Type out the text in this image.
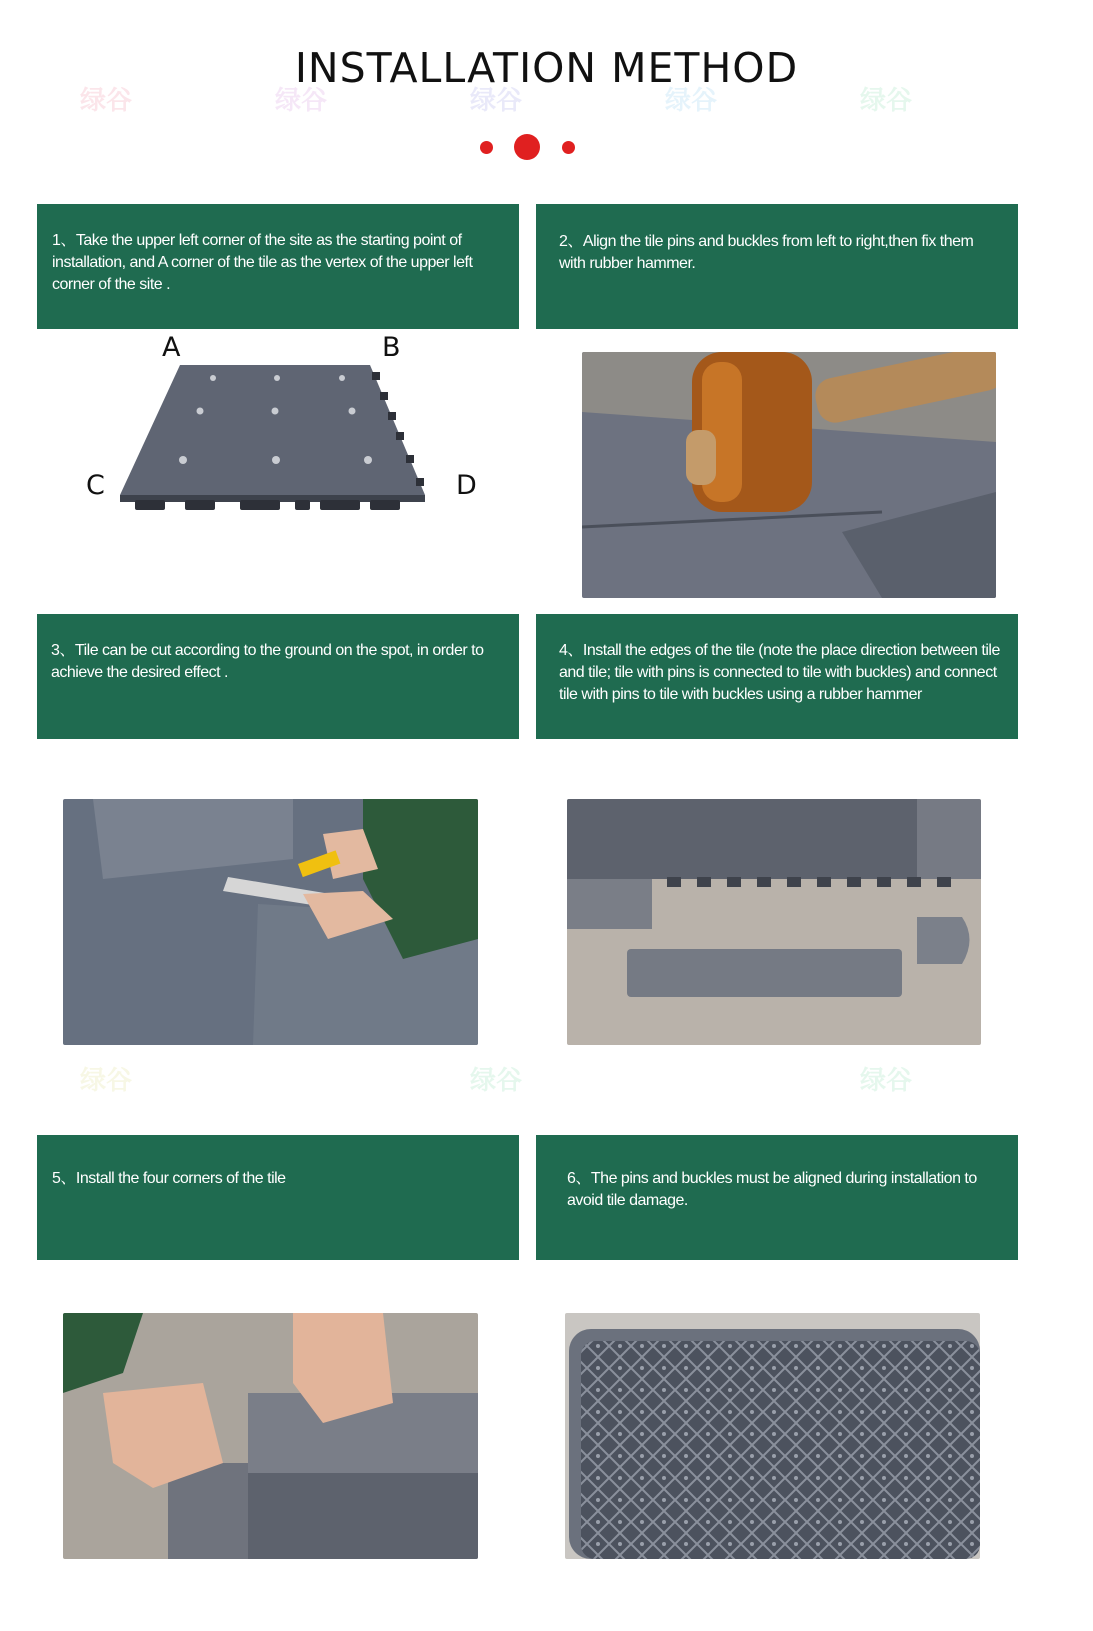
INSTALLATION METHOD
绿谷	绿谷	绿谷	绿谷	绿谷
绿谷	绿谷	绿谷
1、Take the upper left corner of the site as the starting point of installation, and A corner of the tile as the vertex of the upper left corner of the site .
2、Align the tile pins and buckles from left to right,then fix them with rubber hammer.
A	B
C	D
3、Tile can be cut according to the ground on the spot, in order to achieve the desired effect .
4、Install the edges of the tile (note the place direction between tile and tile; tile with pins is connected to tile with buckles) and connect tile with pins to tile with buckles using a rubber hammer
5、Install the four corners of the tile	6、The pins and buckles must be aligned during installation to avoid tile damage.
